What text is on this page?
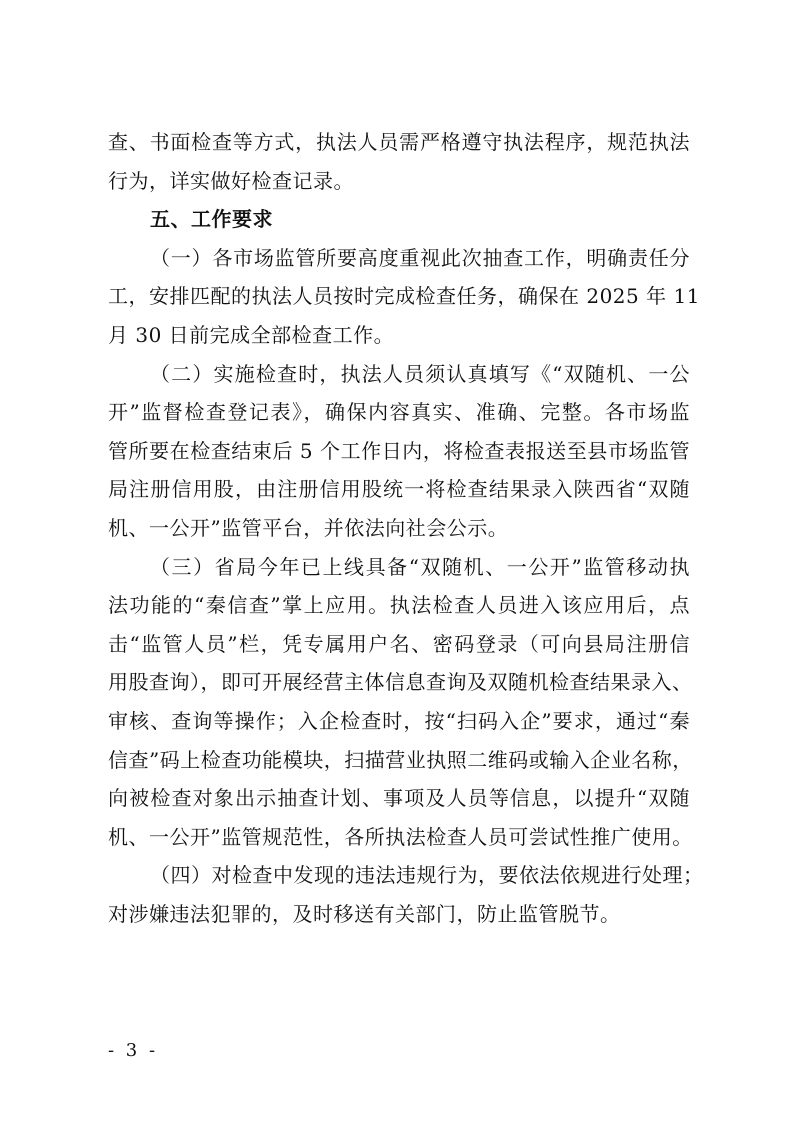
查、书面检查等方式，执法人员需严格遵守执法程序，规范执法
行为，详实做好检查记录。
五、工作要求
（一）各市场监管所要高度重视此次抽查工作，明确责任分
工，安排匹配的执法人员按时完成检查任务，确保在 2025 年 11
月 30 日前完成全部检查工作。
（二）实施检查时，执法人员须认真填写《“双随机、一公
开”监督检查登记表》，确保内容真实、准确、完整。各市场监
管所要在检查结束后 5 个工作日内，将检查表报送至县市场监管
局注册信用股，由注册信用股统一将检查结果录入陕西省“双随
机、一公开”监管平台，并依法向社会公示。
（三）省局今年已上线具备“双随机、一公开”监管移动执
法功能的“秦信查”掌上应用。执法检查人员进入该应用后，点
击“监管人员”栏，凭专属用户名、密码登录（可向县局注册信
用股查询），即可开展经营主体信息查询及双随机检查结果录入、
审核、查询等操作；入企检查时，按“扫码入企”要求，通过“秦
信查”码上检查功能模块，扫描营业执照二维码或输入企业名称，
向被检查对象出示抽查计划、事项及人员等信息，以提升“双随
机、一公开”监管规范性，各所执法检查人员可尝试性推广使用。
（四）对检查中发现的违法违规行为，要依法依规进行处理；
对涉嫌违法犯罪的，及时移送有关部门，防止监管脱节。
- 3 -
